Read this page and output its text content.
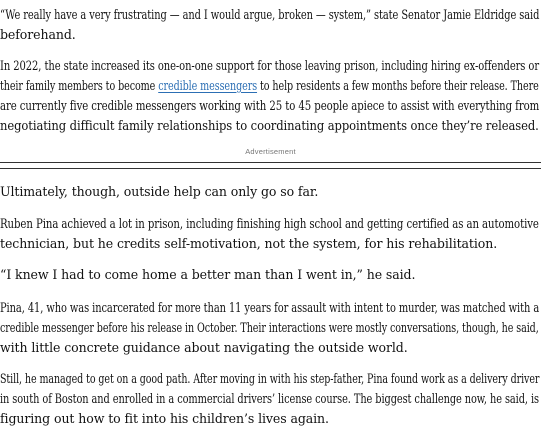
“We really have a very frustrating — and I would argue, broken — system,” state Senator Jamie Eldridge said
beforehand.

In 2022, the state increased its one-on-one support for those leaving prison, including hiring ex-offenders or
their family members to become credible messengers to help residents a few months before their release. There
are currently five credible messengers working with 25 to 45 people apiece to assist with everything from
negotiating difficult family relationships to coordinating appointments once they’re released.

Advertisement

Ultimately, though, outside help can only go so far.

Ruben Pina achieved a lot in prison, including finishing high school and getting certified as an automotive
technician, but he credits self-motivation, not the system, for his rehabilitation.

“I knew I had to come home a better man than I went in,” he said.

Pina, 41, who was incarcerated for more than 11 years for assault with intent to murder, was matched with a
credible messenger before his release in October. Their interactions were mostly conversations, though, he said,
with little concrete guidance about navigating the outside world.

Still, he managed to get on a good path. After moving in with his step-father, Pina found work as a delivery driver
in south of Boston and enrolled in a commercial drivers’ license course. The biggest challenge now, he said, is
figuring out how to fit into his children’s lives again.
